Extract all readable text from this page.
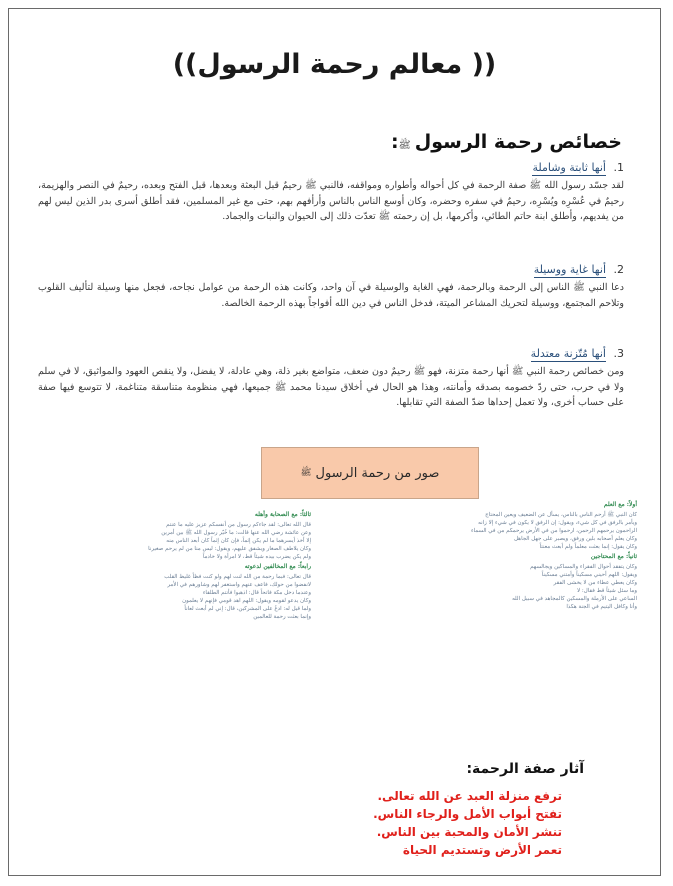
(( معالم رحمة الرسول))
خصائص رحمة الرسولﷺ:
1. أنها ثابتة وشاملة
لقد جسّد رسول الله ﷺ صفة الرحمة في كل أحواله وأطواره ومواقفه، فالنبي ﷺ رحيمٌ قبل البعثة وبعدها، قبل الفتح وبعده، رحيمٌ في النصر والهزيمة، رحيمٌ في عُسْرِه ويُسْرِه، رحيمٌ في سفره وحضره، وكان أوسع الناس بالناس وأرأفهم بهم، حتى مع غير المسلمين، فقد أطلق أسرى بدر الذين ليس لهم من يفديهم، وأطلق ابنة حاتم الطائي، وأكرمها، بل إن رحمته ﷺ تعدّت ذلك إلى الحيوان والنبات والجماد.
2. أنها غاية ووسيلة
دعا النبي ﷺ الناس إلى الرحمة وبالرحمة، فهي الغاية والوسيلة في آن واحد، وكانت هذه الرحمة من عوامل نجاحه، فجعل منها وسيلة لتأليف القلوب وتلاحم المجتمع، ووسيلة لتحريك المشاعر الميتة، فدخل الناس في دين الله أفواجاً بهذه الرحمة الخالصة.
3. أنها مُتّزنة معتدلة
ومن خصائص رحمة النبي ﷺ أنها رحمة متزنة، فهو ﷺ رحيمٌ دون ضعف، متواضع بغير ذلة، وهي عادلة، لا يفضل، ولا ينقص العهود والمواثيق، لا في سلم ولا في حرب، حتى ردّ خصومه بصدقه وأمانته، وهذا هو الحال في أخلاق سيدنا محمد ﷺ جميعها، فهي منظومة متناسقة متناغمة، لا تتوسع فيها صفة على حساب أخرى، ولا تعمل إحداها ضدّ الصفة التي تقابلها.
صور من رحمة الرسول
ﷺ
ثالثاً: مع الصحابة وأهله

قال الله تعالى: لقد جاءكم رسول من أنفسكم عزيز عليه ما عنتم

وعن عائشة رضي الله عنها قالت: ما خُيّر رسول الله ﷺ بين أمرين

إلا أخذ أيسرهما ما لم يكن إثماً، فإن كان إثماً كان أبعد الناس منه

وكان يلاطف الصغار ويشفق عليهم، ويقول: ليس منا من لم يرحم صغيرنا

ولم يكن يضرب بيده شيئاً قط، لا امرأة ولا خادماً

رابعاً: مع المخالفين لدعوته

قال تعالى: فبما رحمة من الله لنت لهم ولو كنت فظاً غليظ القلب

لانفضوا من حولك، فاعف عنهم واستغفر لهم وشاورهم في الأمر

وعندما دخل مكة فاتحاً قال: اذهبوا فأنتم الطلقاء

وكان يدعو لقومه ويقول: اللهم اهد قومي فإنهم لا يعلمون

ولما قيل له: ادعُ على المشركين، قال: إني لم أبعث لعاناً

وإنما بعثت رحمة للعالمين

أولاً: مع العلم

كان النبي ﷺ أرحم الناس بالناس، يسأل عن الضعيف ويعين المحتاج

ويأمر بالرفق في كل شيء، ويقول: إن الرفق لا يكون في شيء إلا زانه

الراحمون يرحمهم الرحمن، ارحموا من في الأرض يرحمكم من في السماء

وكان يعلم أصحابه بلين ورفق، ويصبر على جهل الجاهل

وكان يقول: إنما بعثت معلماً ولم أبعث معنتاً

ثانياً: مع المحتاجين

وكان يتفقد أحوال الفقراء والمساكين ويجالسهم

ويقول: اللهم أحيني مسكيناً وأمتني مسكيناً

وكان يعطي عطاء من لا يخشى الفقر

وما سئل شيئاً قط فقال: لا

الساعي على الأرملة والمسكين كالمجاهد في سبيل الله

وأنا وكافل اليتيم في الجنة هكذا

آثار صفة الرحمة:
ترفع منزلة العبد عن الله تعالى.
تفتح أبواب الأمل والرجاء الناس.
تنشر الأمان والمحبة بين الناس.
تعمر الأرض وتستديم الحياة
